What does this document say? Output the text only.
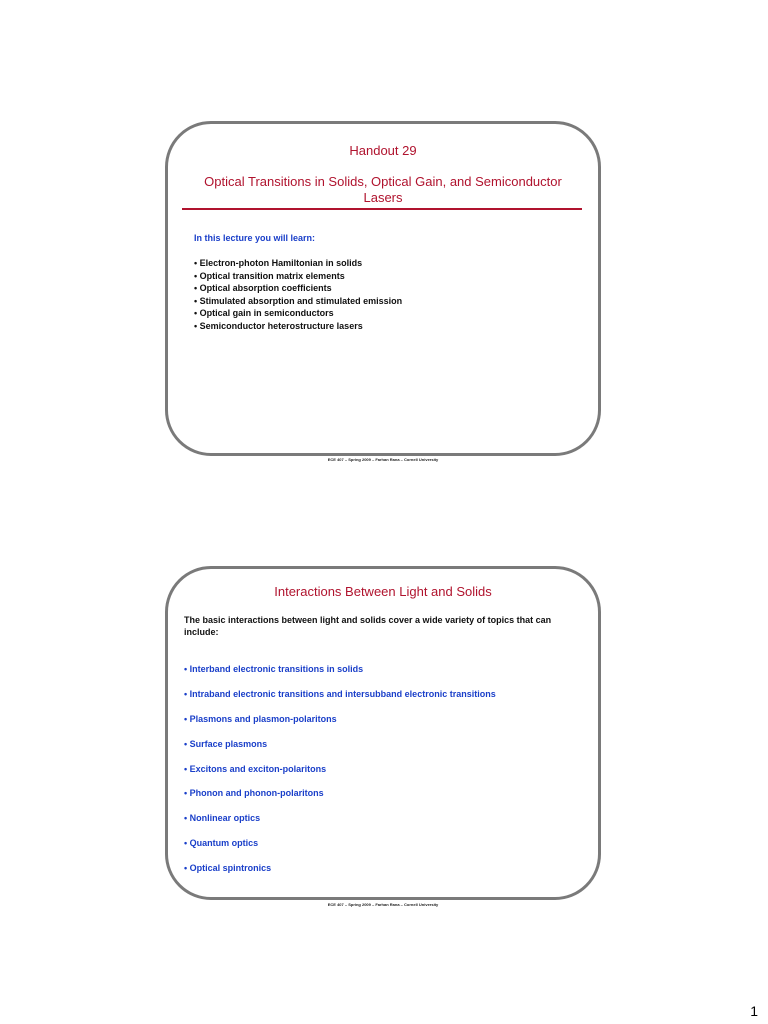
Handout 29

Optical Transitions in Solids, Optical Gain, and Semiconductor Lasers

In this lecture you will learn:
• Electron-photon Hamiltonian in solids
• Optical transition matrix elements
• Optical absorption coefficients
• Stimulated absorption and stimulated emission
• Optical gain in semiconductors
• Semiconductor heterostructure lasers
ECE 407 – Spring 2009 – Farhan Rana – Cornell University

Interactions Between Light and Solids

The basic interactions between light and solids cover a wide variety of topics that can include:

• Interband electronic transitions in solids
• Intraband electronic transitions and intersubband electronic transitions
• Plasmons and plasmon-polaritons
• Surface plasmons
• Excitons and exciton-polaritons
• Phonon and phonon-polaritons
• Nonlinear optics
• Quantum optics
• Optical spintronics
ECE 407 – Spring 2009 – Farhan Rana – Cornell University
1
